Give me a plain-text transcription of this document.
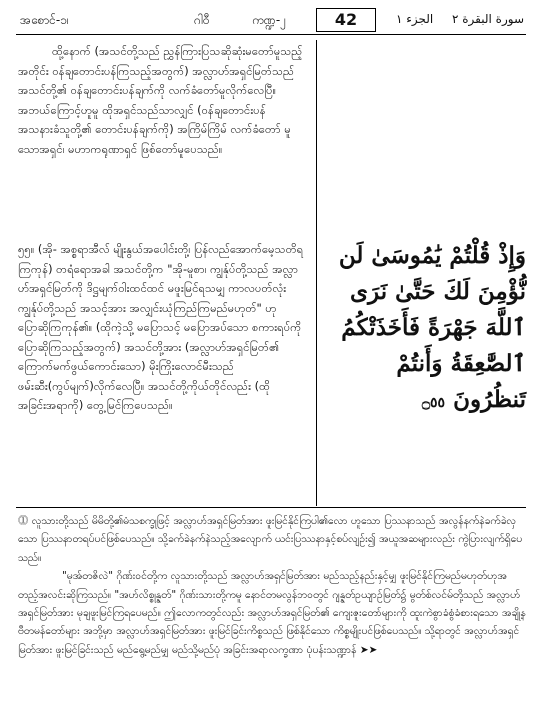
အစောင်-၁၊	ဂါဝီ	ကဏ္ဍ-၂	42	الجزء ١ سورة البقرة ٢

ထို့နောက် (အသင်တို့သည် ညွှန်ကြားပြသဆိုဆုံးမတော်မူသည့်အတိုင်း ဝန်ချတောင်းပန်ကြသည့်အတွက်) အလ္လာဟ်အရှင်မြတ်သည် အသင်တို့၏ ဝန်ချတောင်းပန်ချက်ကို လက်ခံတော်မူလိုက်လေပြီ။ အဘယ်ကြောင့်ဟူမူ ထိုအရှင်သည်သာလျှင် (ဝန်ချတောင်းပန် အသနားခံသူတို့၏ တောင်းပန်ချက်ကို) အကြိမ်ကြိမ် လက်ခံတော် မူသောအရှင်၊ မဟာကရုဏာရှင် ဖြစ်တော်မူပေသည်။

၅၅။ (အို- အစ္စရာအီလ် မျိုးနွယ်အပေါင်းတို့၊ ပြန်လည်အောက်မေ့သတိရကြကုန်) တရံရောအခါ အသင်တို့က "အို-မူစာ၊ ကျွန်ုပ်တို့သည် အလ္လာဟ်အရှင်မြတ်ကို ဒိဋ္ဌမျက်ဝါးထင်ထင် မဖူးမြင်ရသမျှ ကာလပတ်လုံး ကျွန်ုပ်တို့သည် အသင့်အား အလျှင်းယုံကြည်ကြမည်မဟုတ်" ဟု ပြောဆိုကြကုန်၏။ (ထိုကဲ့သို့ မပြောသင့် မပြောအပ်သော စကားရပ်ကို ပြောဆိုကြသည့်အတွက်) အသင်တို့အား (အလ္လာဟ်အရှင်မြတ်၏ ကြောက်မက်ဖွယ်ကောင်းသော) မိုးကြိုးလောင်မီးသည် ဖမ်းဆီး(ကွပ်မျက်)လိုက်လေပြီ။ အသင်တို့ကိုယ်တိုင်လည်း (ထိုအခြင်းအရာကို) တွေ့မြင်ကြပေသည်။

وَإِذْ قُلْتُمْ يَٰمُوسَىٰ لَن نُّؤْمِنَ لَكَ حَتَّىٰ نَرَى ٱللَّهَ جَهْرَةً فَأَخَذَتْكُمُ ٱلصَّٰعِقَةُ وَأَنتُمْ تَنظُرُونَ ۝٥٥

⓵ လူသားတို့သည် မိမိတို့၏မံသစက္ခုဖြင့် အလ္လာဟ်အရှင်မြတ်အား ဖူးမြင်နိုင်ကြပါ၏လော ဟူသော ပြဿနာသည် အလွန်နက်နဲခက်ခဲလှသော ပြဿနာတရပ်ပင်ဖြစ်ပေသည်။ သို့ခက်ခဲနက်နဲသည့်အလျောက် ယင်းပြဿနာနှင့်စပ်လျဉ်း၍ အယူအဆများလည်း ကွဲပြားလျက်ရှိပေသည်။

"မုအ်တဇိလဲ" ဂိုဏ်းဝင်တို့က လူသားတို့သည် အလ္လာဟ်အရှင်မြတ်အား မည်သည့်နည်းနှင့်မျှ ဖူးမြင်နိုင်ကြမည်မဟုတ်ဟုအတည့်အလင်းဆိုကြသည်။ "အဟ်လိစ္စုန္နတ်" ဂိုဏ်းသားတို့ကမူ နောင်တမလွန်ဘဝတွင် ဂျန္နတ်ဥယျာဉ်မြတ်၌ မွတ်စ်လင်မ်တို့သည် အလ္လာဟ်အရှင်မြတ်အား မုချဖူးမြင်ကြရပေမည်။ ဤလောကတွင်လည်း အလ္လာဟ်အရှင်မြတ်၏ ကျေးဇူးတော်များကို ထူးကဲစွာခံစွံခံစားရသော အချို့နဗီတမန်တော်များ အဘို့မှာ အလ္လာဟ်အရှင်မြတ်အား ဖူးမြင်ခြင်းကိစ္စသည် ဖြစ်နိုင်သော ကိစ္စမျိုးပင်ဖြစ်ပေသည်။ သို့ရာတွင် အလ္လာဟ်အရှင်မြတ်အား ဖူးမြင်ခြင်းသည် မည်ရွေ့မည်မျှ မည်သို့မည်ပုံ အခြင်းအရာလက္ခဏာ ပုံပန်းသဏ္ဍာန် ➤➤
